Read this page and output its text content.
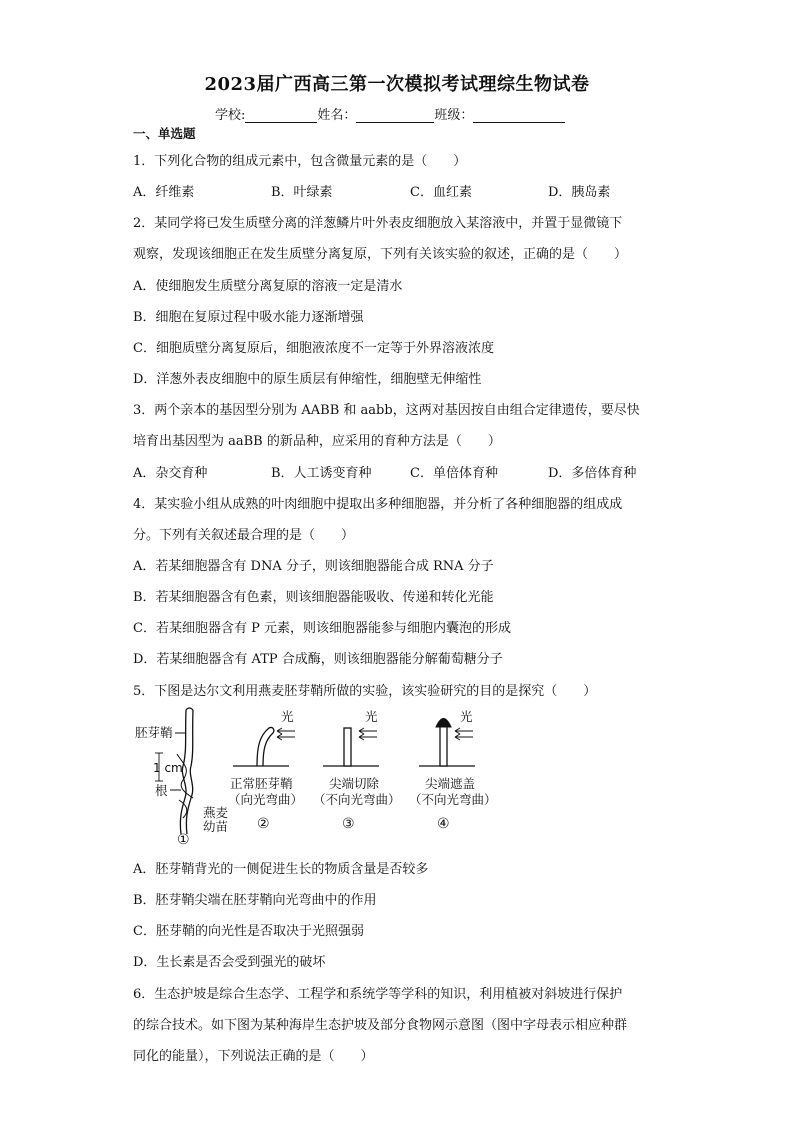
2023届广西高三第一次模拟考试理综生物试卷
学校:	姓名：	班级：
一、单选题
1．下列化合物的组成元素中，包含微量元素的是（　　）
A．纤维素	B．叶绿素	C．血红素	D．胰岛素
2．某同学将已发生质壁分离的洋葱鳞片叶外表皮细胞放入某溶液中，并置于显微镜下
观察，发现该细胞正在发生质壁分离复原，下列有关该实验的叙述，正确的是（　　）
A．使细胞发生质壁分离复原的溶液一定是清水
B．细胞在复原过程中吸水能力逐渐增强
C．细胞质壁分离复原后，细胞液浓度不一定等于外界溶液浓度
D．洋葱外表皮细胞中的原生质层有伸缩性，细胞壁无伸缩性
3．两个亲本的基因型分别为 AABB 和 aabb，这两对基因按自由组合定律遗传，要尽快
培育出基因型为 aaBB 的新品种，应采用的育种方法是（　　）
A．杂交育种	B．人工诱变育种	C．单倍体育种	D．多倍体育种
4．某实验小组从成熟的叶肉细胞中提取出多种细胞器，并分析了各种细胞器的组成成
分。下列有关叙述最合理的是（　　）
A．若某细胞器含有 DNA 分子，则该细胞器能合成 RNA 分子
B．若某细胞器含有色素，则该细胞器能吸收、传递和转化光能
C．若某细胞器含有 P 元素，则该细胞器能参与细胞内囊泡的形成
D．若某细胞器含有 ATP 合成酶，则该细胞器能分解葡萄糖分子
5．下图是达尔文利用燕麦胚芽鞘所做的实验，该实验研究的目的是探究（　　）
胚芽鞘
1 cm
根
燕麦
幼苗
①
光
正常胚芽鞘
（向光弯曲）
②
光
尖端切除
（不向光弯曲）
③
光
尖端遮盖
（不向光弯曲）
④
A．胚芽鞘背光的一侧促进生长的物质含量是否较多
B．胚芽鞘尖端在胚芽鞘向光弯曲中的作用
C．胚芽鞘的向光性是否取决于光照强弱
D．生长素是否会受到强光的破坏
6．生态护坡是综合生态学、工程学和系统学等学科的知识，利用植被对斜坡进行保护
的综合技术。如下图为某种海岸生态护坡及部分食物网示意图（图中字母表示相应种群
同化的能量），下列说法正确的是（　　）
